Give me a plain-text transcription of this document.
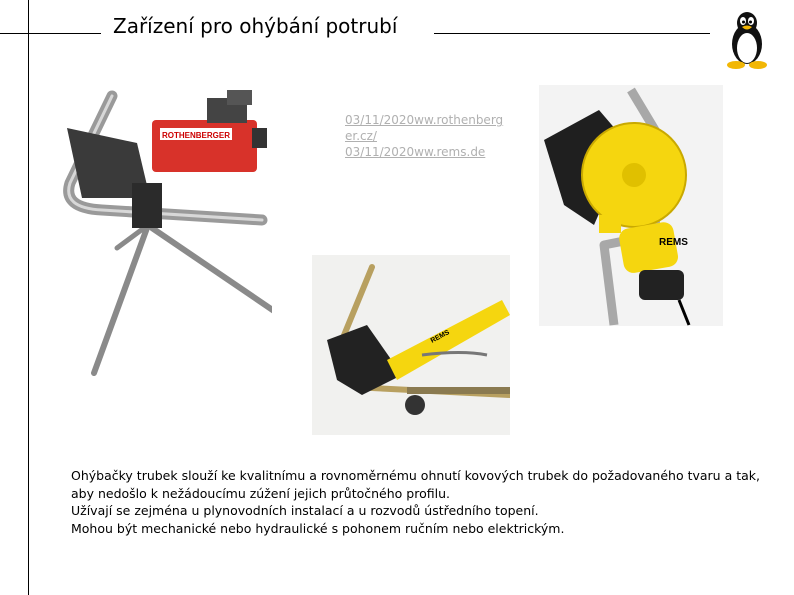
Zařízení pro ohýbání potrubí
03/11/2020ww.rothenberger.cz/
03/11/2020ww.rems.de
ROTHENBERGER
REMS
REMS

Ohýbačky trubek slouží ke kvalitnímu a rovnoměrnému ohnutí kovových trubek do požadovaného tvaru a tak,

aby nedošlo k nežádoucímu zúžení jejich průtočného profilu.

Užívají se zejména u plynovodních instalací a u rozvodů ústředního topení.

Mohou být mechanické nebo hydraulické s pohonem ručním nebo elektrickým.
